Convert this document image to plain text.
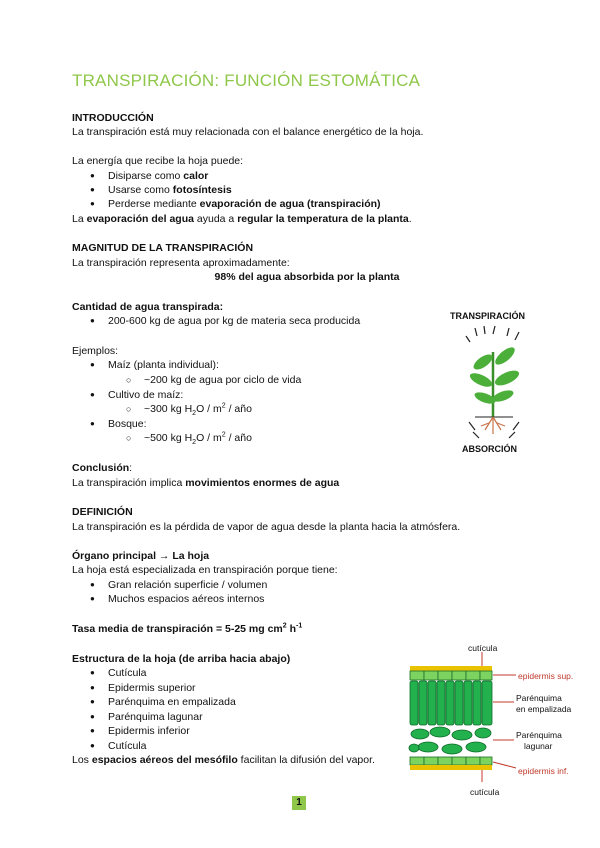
TRANSPIRACIÓN: FUNCIÓN ESTOMÁTICA
INTRODUCCIÓN
La transpiración está muy relacionada con el balance energético de la hoja.
La energía que recibe la hoja puede:
● Disiparse como calor
● Usarse como fotosíntesis
● Perderse mediante evaporación de agua (transpiración)
La evaporación del agua ayuda a regular la temperatura de la planta.
MAGNITUD DE LA TRANSPIRACIÓN
La transpiración representa aproximadamente:
98% del agua absorbida por la planta
Cantidad de agua transpirada:
● 200-600 kg de agua por kg de materia seca producida
Ejemplos:
● Maíz (planta individual):
○ ~200 kg de agua por ciclo de vida
● Cultivo de maíz:
○ ~300 kg $H_2O / m^2$ / año
● Bosque:
○ ~500 kg $H_2O / m^2$ / año
Conclusión:
La transpiración implica movimientos enormes de agua
TRANSPIRACIÓN
ABSORCIÓN
DEFINICIÓN
La transpiración es la pérdida de vapor de agua desde la planta hacia la atmósfera.
Órgano principal → La hoja
La hoja está especializada en transpiración porque tiene:
● Gran relación superficie / volumen
● Muchos espacios aéreos internos
Tasa media de transpiración = 5-25 mg $cm^2$ $h^{-1}$
Estructura de la hoja (de arriba hacia abajo)
● Cutícula
● Epidermis superior
● Parénquima en empalizada
● Parénquima lagunar
● Epidermis inferior
● Cutícula
Los espacios aéreos del mesófilo facilitan la difusión del vapor.
cutícula
epidermis sup.
Parénquima
en empalizada
Parénquima
lagunar
epidermis inf.
cutícula
1
